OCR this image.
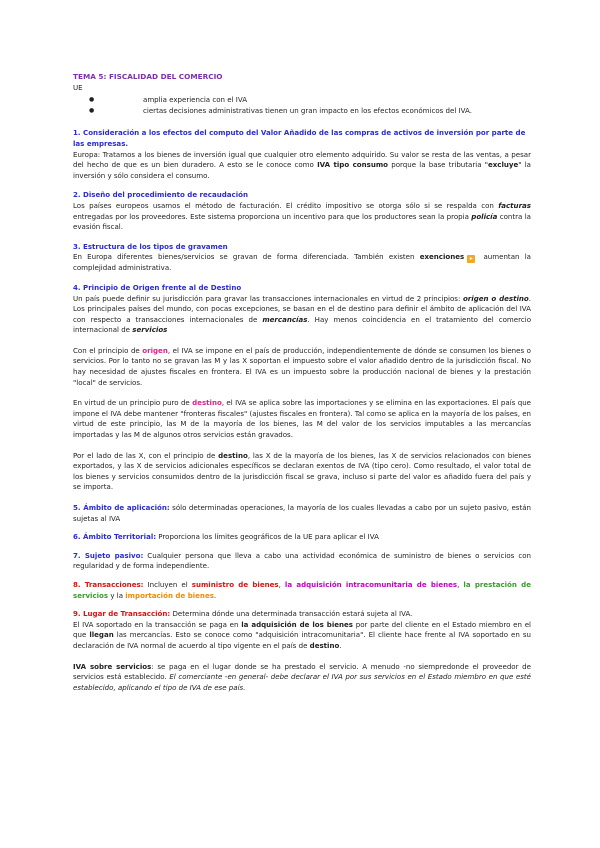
TEMA 5: FISCALIDAD DEL COMERCIO

UE

● amplia experiencia con el IVA
● ciertas decisiones administrativas tienen un gran impacto en los efectos económicos del IVA.

1. Consideración a los efectos del computo del Valor Añadido de las compras de activos de inversión por parte de las empresas.

Europa: Tratamos a los bienes de inversión igual que cualquier otro elemento adquirido. Su valor se resta de las ventas, a pesar del hecho de que es un bien duradero. A esto se le conoce como IVA tipo consumo porque la base tributaria "excluye" la inversión y sólo considera el consumo.

2. Diseño del procedimiento de recaudación

Los países europeos usamos el método de facturación. El crédito impositivo se otorga sólo si se respalda con facturas entregadas por los proveedores. Este sistema proporciona un incentivo para que los productores sean la propia policía contra la evasión fiscal.

3. Estructura de los tipos de gravamen

En Europa diferentes bienes/servicios se gravan de forma diferenciada. También existen exenciones ▸ aumentan la complejidad administrativa.

4. Principio de Origen frente al de Destino

Un país puede definir su jurisdicción para gravar las transacciones internacionales en virtud de 2 principios: origen o destino. Los principales países del mundo, con pocas excepciones, se basan en el de destino para definir el ámbito de aplicación del IVA con respecto a transacciones internacionales de mercancías. Hay menos coincidencia en el tratamiento del comercio internacional de servicios

Con el principio de origen, el IVA se impone en el país de producción, independientemente de dónde se consumen los bienes o servicios. Por lo tanto no se gravan las M y las X soportan el impuesto sobre el valor añadido dentro de la jurisdicción fiscal. No hay necesidad de ajustes fiscales en frontera. El IVA es un impuesto sobre la producción nacional de bienes y la prestación "local" de servicios.

En virtud de un principio puro de destino, el IVA se aplica sobre las importaciones y se elimina en las exportaciones. El país que impone el IVA debe mantener "fronteras fiscales" (ajustes fiscales en frontera). Tal como se aplica en la mayoría de los países, en virtud de este principio, las M de la mayoría de los bienes, las M del valor de los servicios imputables a las mercancías importadas y las M de algunos otros servicios están gravados.

Por el lado de las X, con el principio de destino, las X de la mayoría de los bienes, las X de servicios relacionados con bienes exportados, y las X de servicios adicionales específicos se declaran exentos de IVA (tipo cero). Como resultado, el valor total de los bienes y servicios consumidos dentro de la jurisdicción fiscal se grava, incluso si parte del valor es añadido fuera del país y se importa.

5. Ámbito de aplicación: sólo determinadas operaciones, la mayoría de los cuales llevadas a cabo por un sujeto pasivo, están sujetas al IVA

6. Ámbito Territorial: Proporciona los límites geográficos de la UE para aplicar el IVA

7. Sujeto pasivo: Cualquier persona que lleva a cabo una actividad económica de suministro de bienes o servicios con regularidad y de forma independiente.

8. Transacciones: Incluyen el suministro de bienes, la adquisición intracomunitaria de bienes, la prestación de servicios y la importación de bienes.

9. Lugar de Transacción: Determina dónde una determinada transacción estará sujeta al IVA.

El IVA soportado en la transacción se paga en la adquisición de los bienes por parte del cliente en el Estado miembro en el que llegan las mercancías. Esto se conoce como "adquisición intracomunitaria". El cliente hace frente al IVA soportado en su declaración de IVA normal de acuerdo al tipo vigente en el país de destino.

IVA sobre servicios: se paga en el lugar donde se ha prestado el servicio. A menudo -no siempredonde el proveedor de servicios está establecido. El comerciante -en general- debe declarar el IVA por sus servicios en el Estado miembro en que esté establecido, aplicando el tipo de IVA de ese país.
